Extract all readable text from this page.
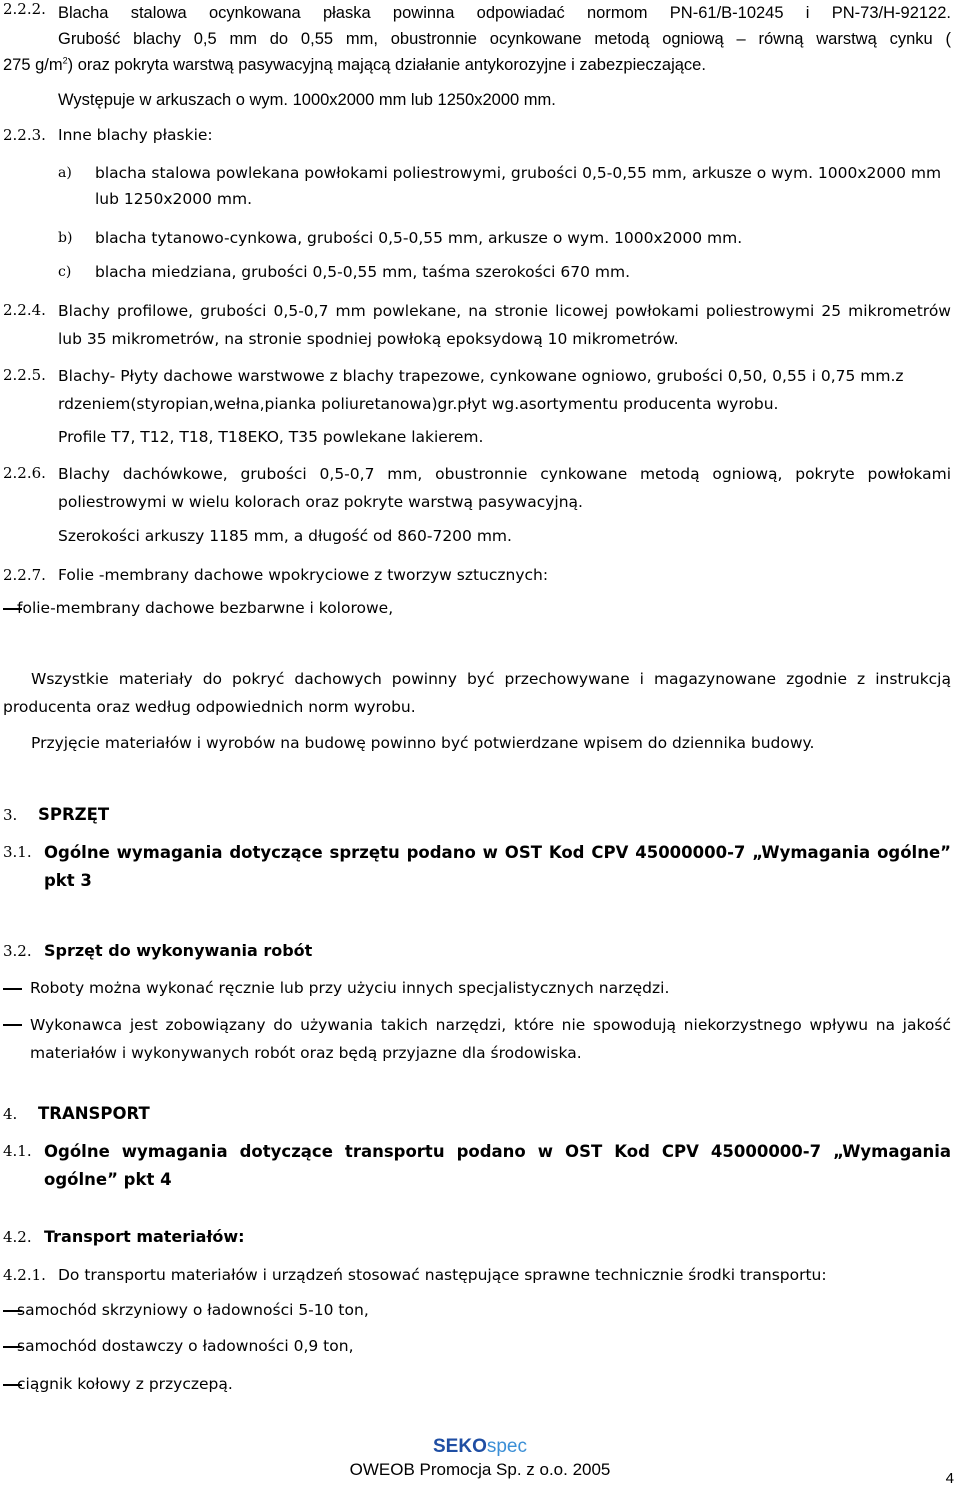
2.2.2. Blacha stalowa ocynkowana płaska powinna odpowiadać normom PN-61/B-10245 i PN-73/H-92122.
Grubość blachy 0,5 mm do 0,55 mm, obustronnie ocynkowane metodą ogniową – równą warstwą cynku (
275 $g/m^2$) oraz pokryta warstwą pasywacyjną mającą działanie antykorozyjne i zabezpieczające.
Występuje w arkuszach o wym. 1000x2000 mm lub 1250x2000 mm.
2.2.3. Inne blachy płaskie:
a) blacha stalowa powlekana powłokami poliestrowymi, grubości 0,5-0,55 mm, arkusze o wym. 1000x2000 mm lub 1250x2000 mm.
b) blacha tytanowo-cynkowa, grubości 0,5-0,55 mm, arkusze o wym. 1000x2000 mm.
c) blacha miedziana, grubości 0,5-0,55 mm, taśma szerokości 670 mm.
2.2.4. Blachy profilowe, grubości 0,5-0,7 mm powlekane, na stronie licowej powłokami poliestrowymi 25 mikrometrów lub 35 mikrometrów, na stronie spodniej powłoką epoksydową 10 mikrometrów.
2.2.5. Blachy- Płyty dachowe warstwowe z blachy trapezowe, cynkowane ogniowo, grubości 0,50, 0,55 i 0,75 mm.z rdzeniem(styropian,wełna,pianka poliuretanowa)gr.płyt wg.asortymentu producenta wyrobu.
Profile T7, T12, T18, T18EKO, T35 powlekane lakierem.
2.2.6. Blachy dachówkowe, grubości 0,5-0,7 mm, obustronnie cynkowane metodą ogniową, pokryte powłokami poliestrowymi w wielu kolorach oraz pokryte warstwą pasywacyjną.
Szerokości arkuszy 1185 mm, a długość od 860-7200 mm.
2.2.7. Folie -membrany dachowe wpokryciowe z tworzyw sztucznych:
folie-membrany dachowe bezbarwne i kolorowe,
Wszystkie materiały do pokryć dachowych powinny być przechowywane i magazynowane zgodnie z instrukcją producenta oraz według odpowiednich norm wyrobu.
Przyjęcie materiałów i wyrobów na budowę powinno być potwierdzane wpisem do dziennika budowy.
3. SPRZĘT
3.1. Ogólne wymagania dotyczące sprzętu podano w OST Kod CPV 45000000-7 „Wymagania ogólne” pkt 3
3.2. Sprzęt do wykonywania robót
Roboty można wykonać ręcznie lub przy użyciu innych specjalistycznych narzędzi.
Wykonawca jest zobowiązany do używania takich narzędzi, które nie spowodują niekorzystnego wpływu na jakość materiałów i wykonywanych robót oraz będą przyjazne dla środowiska.
4. TRANSPORT
4.1. Ogólne wymagania dotyczące transportu podano w OST Kod CPV 45000000-7 „Wymagania ogólne” pkt 4
4.2. Transport materiałów:
4.2.1. Do transportu materiałów i urządzeń stosować następujące sprawne technicznie środki transportu:
samochód skrzyniowy o ładowności 5-10 ton,
samochód dostawczy o ładowności 0,9 ton,
ciągnik kołowy z przyczepą.
SEKOspec
OWEOB Promocja Sp. z o.o. 2005	4
